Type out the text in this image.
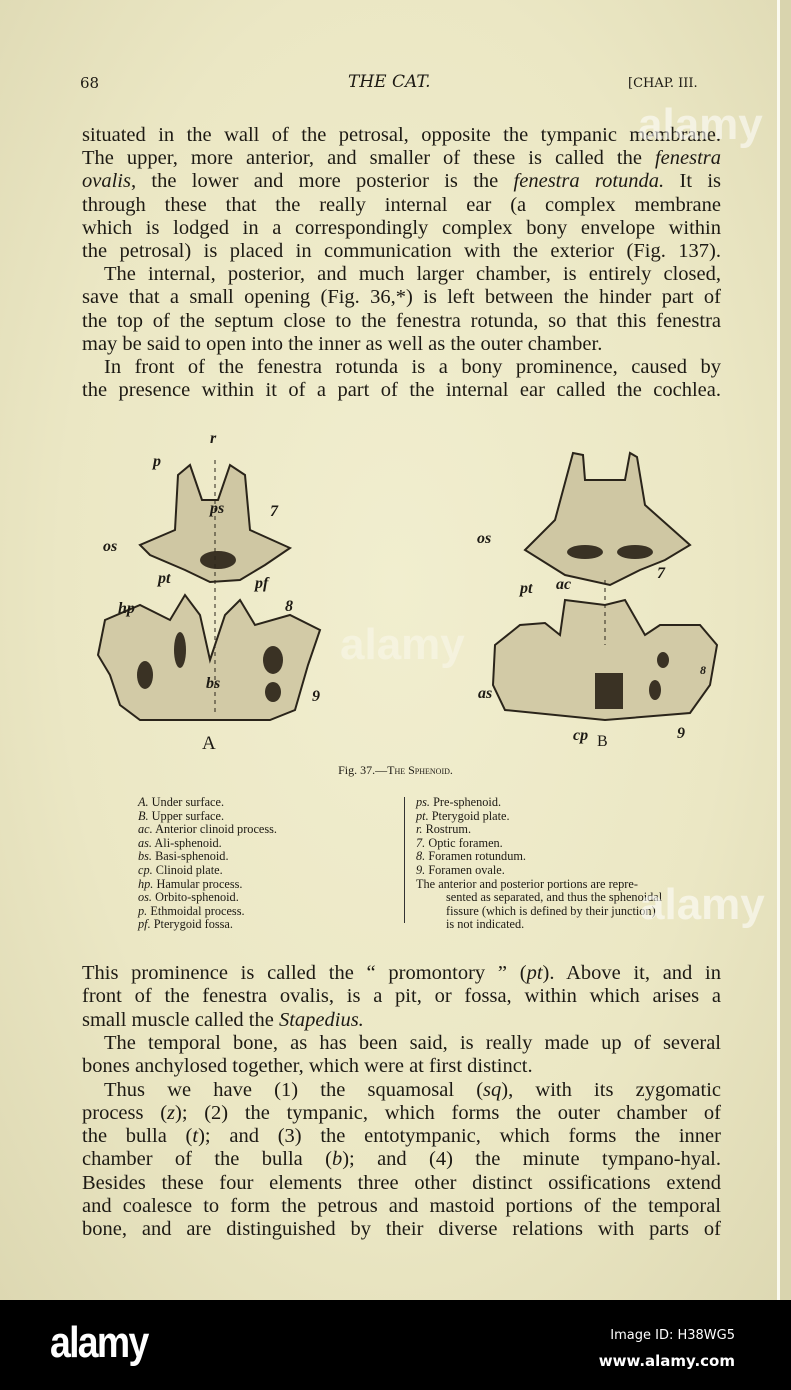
68	THE CAT.	[CHAP. III.
situated in the wall of the petrosal, opposite the tympanic membrane.
The upper, more anterior, and smaller of these is called the fenestra
ovalis, the lower and more posterior is the fenestra rotunda. It is
through these that the really internal ear (a complex membrane
which is lodged in a correspondingly complex bony envelope within
the petrosal) is placed in communication with the exterior (Fig. 137).
The internal, posterior, and much larger chamber, is entirely closed,
save that a small opening (Fig. 36,*) is left between the hinder part of
the top of the septum close to the fenestra rotunda, so that this fenestra
may be said to open into the inner as well as the outer chamber.
In front of the fenestra rotunda is a bony prominence, caused by
the presence within it of a part of the internal ear called the cochlea.
r
p
ps	7
os
pt	pf
8
hp
bs
9
A
os
7
pt ac
as
8
cp B	9
Fig. 37.—The Sphenoid.
A. Under surface.
B. Upper surface.
ac. Anterior clinoid process.
as. Ali-sphenoid.
bs. Basi-sphenoid.
cp. Clinoid plate.
hp. Hamular process.
os. Orbito-sphenoid.
p. Ethmoidal process.
pf. Pterygoid fossa.
ps. Pre-sphenoid.
pt. Pterygoid plate.
r. Rostrum.
7. Optic foramen.
8. Foramen rotundum.
9. Foramen ovale.
The anterior and posterior portions are repre-
sented as separated, and thus the sphenoidal
fissure (which is defined by their junction)
is not indicated.
This prominence is called the “ promontory ” (pt). Above it, and in
front of the fenestra ovalis, is a pit, or fossa, within which arises a
small muscle called the Stapedius.
The temporal bone, as has been said, is really made up of several
bones anchylosed together, which were at first distinct.
Thus we have (1) the squamosal (sq), with its zygomatic
process (z); (2) the tympanic, which forms the outer chamber of
the bulla (t); and (3) the entotympanic, which forms the inner
chamber of the bulla (b); and (4) the minute tympano-hyal.
Besides these four elements three other distinct ossifications extend
and coalesce to form the petrous and mastoid portions of the temporal
bone, and are distinguished by their diverse relations with parts of
alamy
alamy
alamy
alamy	Image ID: H38WG5
www.alamy.com
